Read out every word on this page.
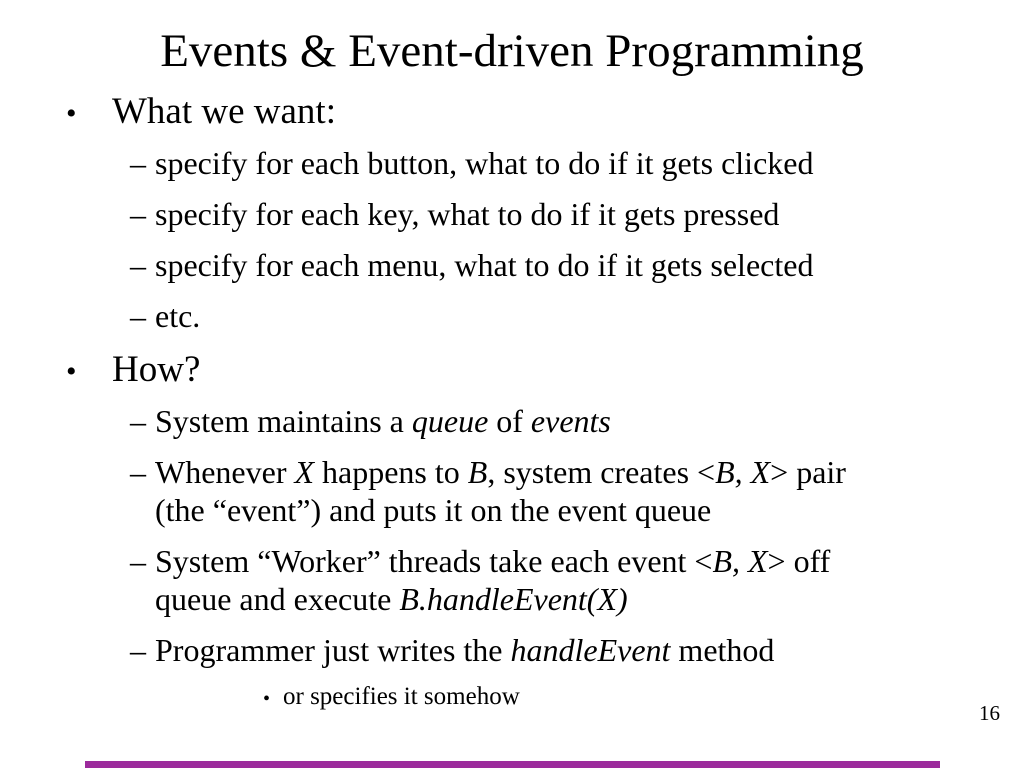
Events & Event-driven Programming
• What we want:
– specify for each button, what to do if it gets clicked
– specify for each key, what to do if it gets pressed
– specify for each menu, what to do if it gets selected
– etc.
• How?
– System maintains a queue of events
– Whenever X happens to B, system creates <B, X> pair (the “event”) and puts it on the event queue
– System “Worker” threads take each event <B, X> off queue and execute B.handleEvent(X)
– Programmer just writes the handleEvent method
• or specifies it somehow
16
